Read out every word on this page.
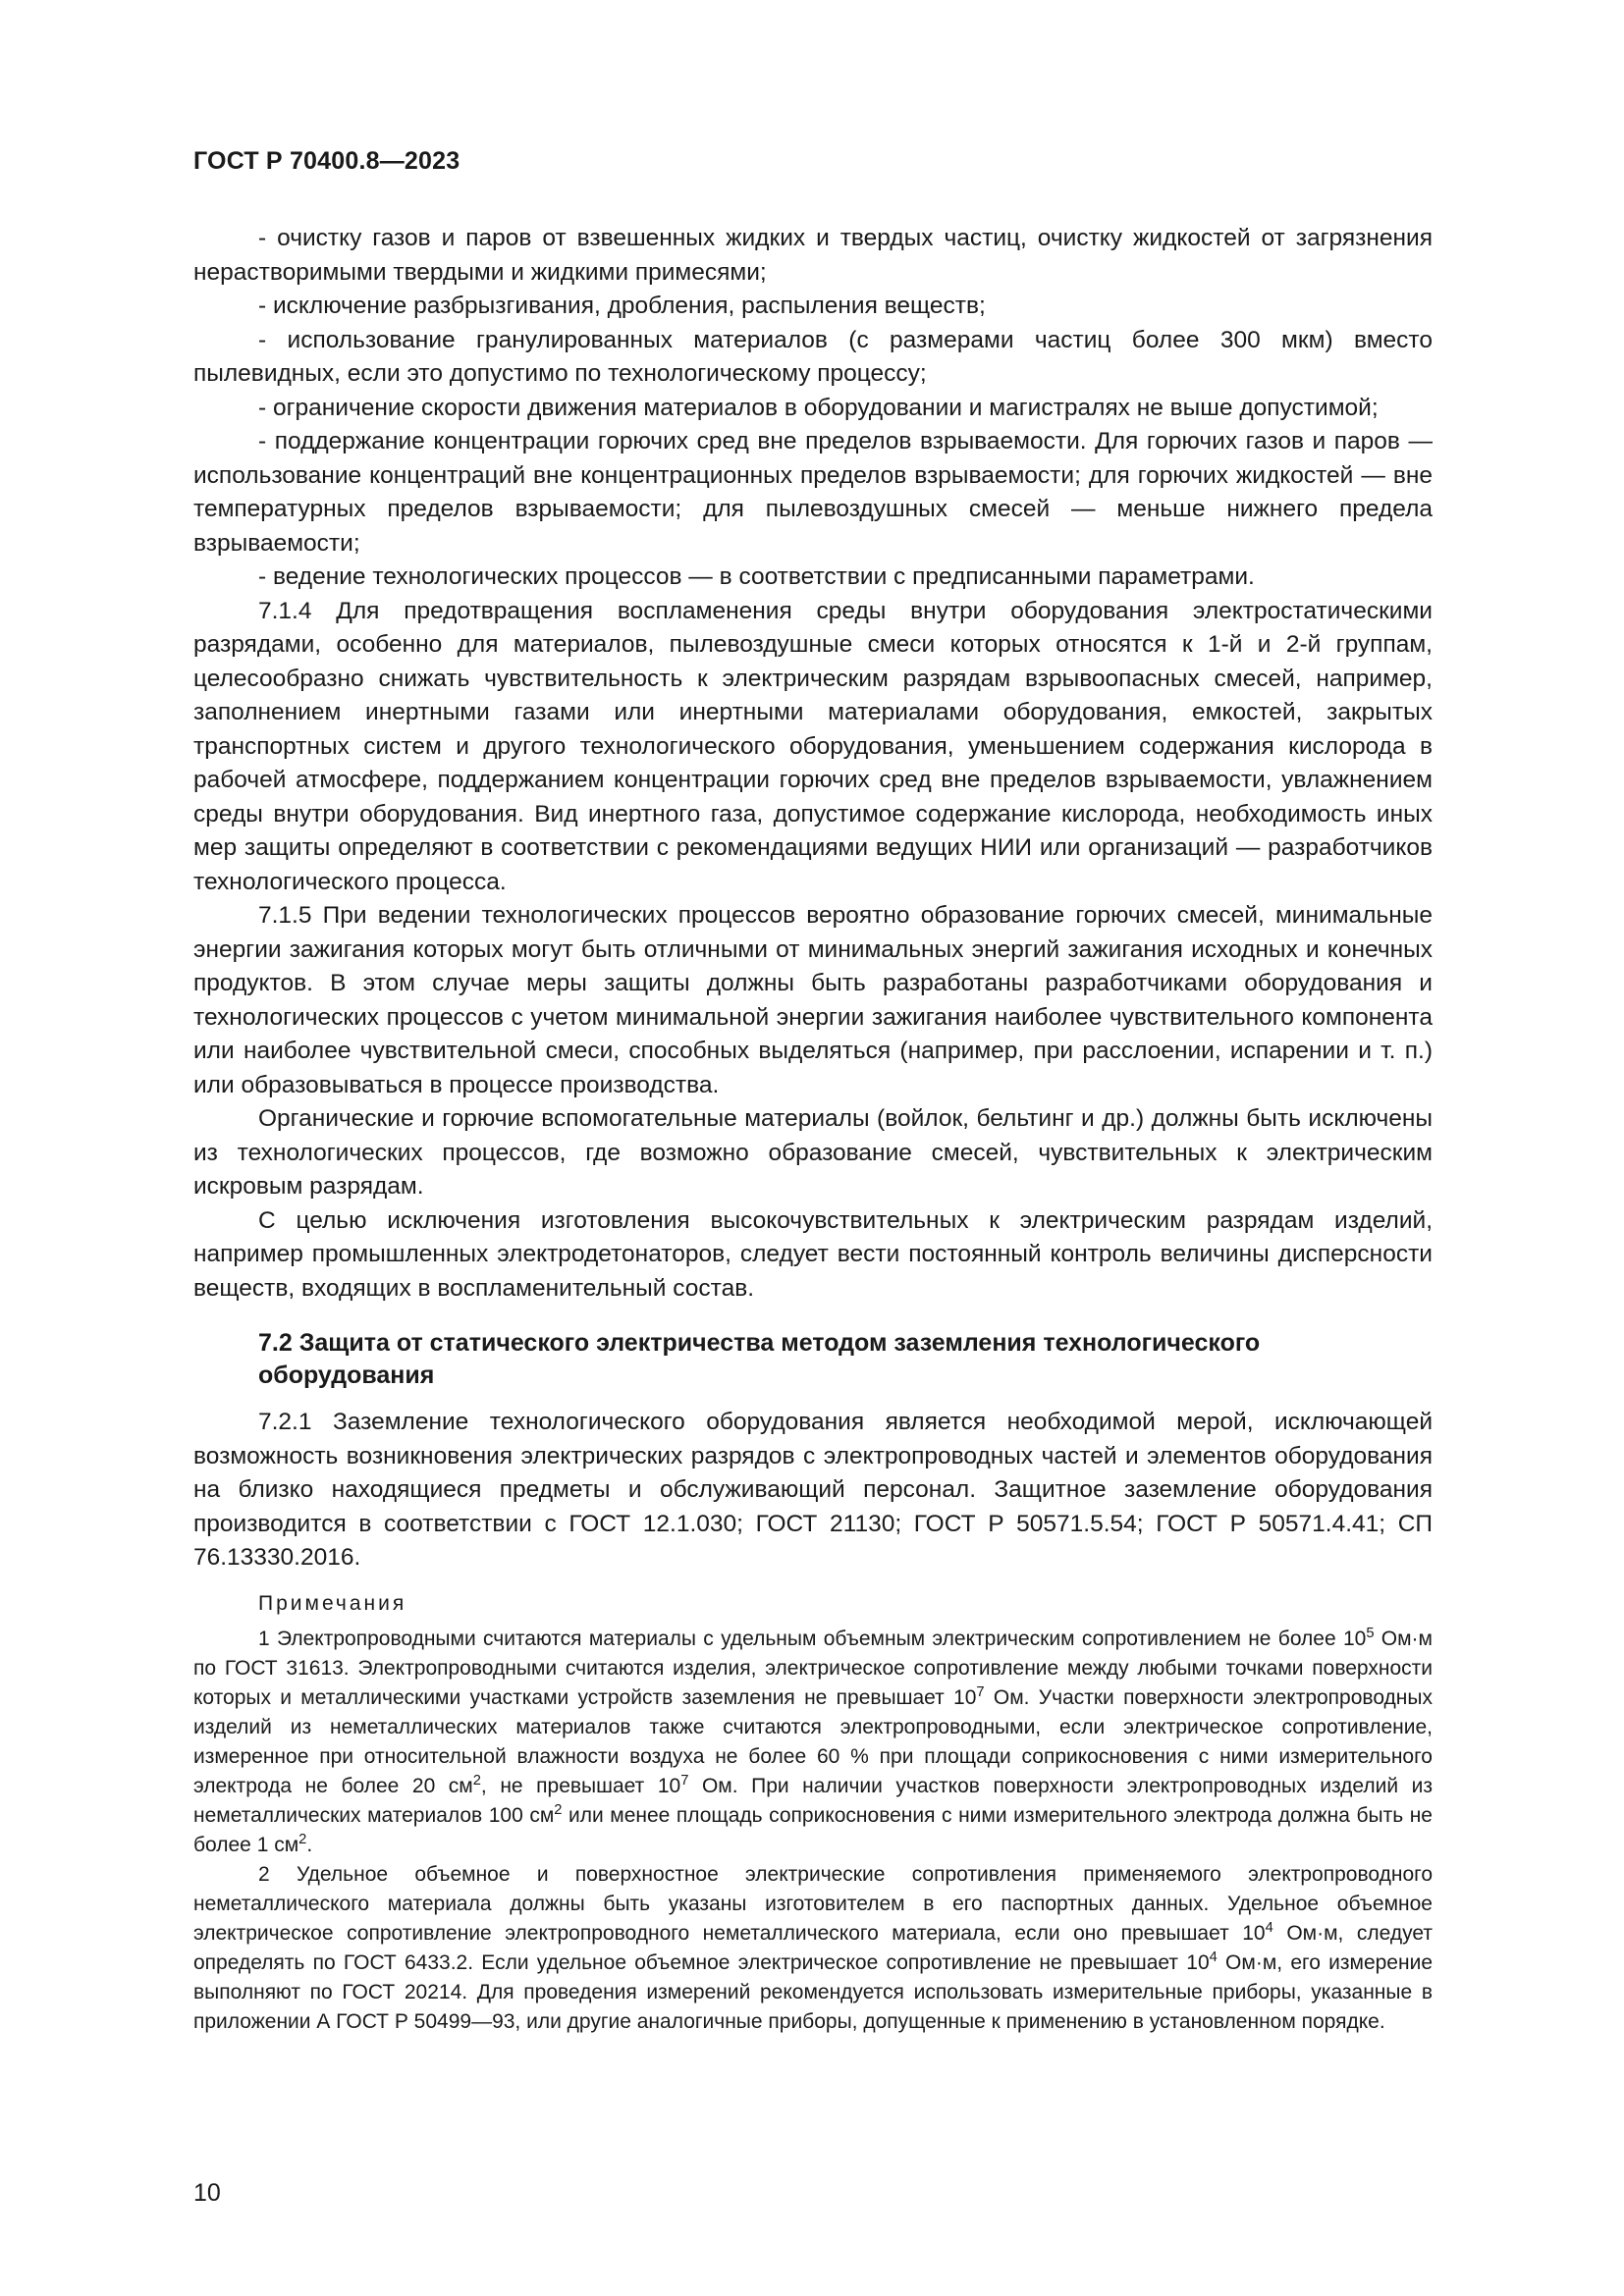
ГОСТ Р 70400.8—2023

- очистку газов и паров от взвешенных жидких и твердых частиц, очистку жидкостей от загрязнения нерастворимыми твердыми и жидкими примесями;

- исключение разбрызгивания, дробления, распыления веществ;

- использование гранулированных материалов (с размерами частиц более 300 мкм) вместо пылевидных, если это допустимо по технологическому процессу;

- ограничение скорости движения материалов в оборудовании и магистралях не выше допустимой;

- поддержание концентрации горючих сред вне пределов взрываемости. Для горючих газов и паров — использование концентраций вне концентрационных пределов взрываемости; для горючих жидкостей — вне температурных пределов взрываемости; для пылевоздушных смесей — меньше нижнего предела взрываемости;

- ведение технологических процессов — в соответствии с предписанными параметрами.

7.1.4 Для предотвращения воспламенения среды внутри оборудования электростатическими разрядами, особенно для материалов, пылевоздушные смеси которых относятся к 1-й и 2-й группам, целесообразно снижать чувствительность к электрическим разрядам взрывоопасных смесей, например, заполнением инертными газами или инертными материалами оборудования, емкостей, закрытых транспортных систем и другого технологического оборудования, уменьшением содержания кислорода в рабочей атмосфере, поддержанием концентрации горючих сред вне пределов взрываемости, увлажнением среды внутри оборудования. Вид инертного газа, допустимое содержание кислорода, необходимость иных мер защиты определяют в соответствии с рекомендациями ведущих НИИ или организаций — разработчиков технологического процесса.

7.1.5 При ведении технологических процессов вероятно образование горючих смесей, минимальные энергии зажигания которых могут быть отличными от минимальных энергий зажигания исходных и конечных продуктов. В этом случае меры защиты должны быть разработаны разработчиками оборудования и технологических процессов с учетом минимальной энергии зажигания наиболее чувствительного компонента или наиболее чувствительной смеси, способных выделяться (например, при расслоении, испарении и т. п.) или образовываться в процессе производства.

Органические и горючие вспомогательные материалы (войлок, бельтинг и др.) должны быть исключены из технологических процессов, где возможно образование смесей, чувствительных к электрическим искровым разрядам.

С целью исключения изготовления высокочувствительных к электрическим разрядам изделий, например промышленных электродетонаторов, следует вести постоянный контроль величины дисперсности веществ, входящих в воспламенительный состав.

7.2 Защита от статического электричества методом заземления технологического оборудования

7.2.1 Заземление технологического оборудования является необходимой мерой, исключающей возможность возникновения электрических разрядов с электропроводных частей и элементов оборудования на близко находящиеся предметы и обслуживающий персонал. Защитное заземление оборудования производится в соответствии с ГОСТ 12.1.030; ГОСТ 21130; ГОСТ Р 50571.5.54; ГОСТ Р 50571.4.41; СП 76.13330.2016.

Примечания

1 Электропроводными считаются материалы с удельным объемным электрическим сопротивлением не более $10^5$ Ом·м по ГОСТ 31613. Электропроводными считаются изделия, электрическое сопротивление между любыми точками поверхности которых и металлическими участками устройств заземления не превышает $10^7$ Ом. Участки поверхности электропроводных изделий из неметаллических материалов также считаются электропроводными, если электрическое сопротивление, измеренное при относительной влажности воздуха не более 60 % при площади соприкосновения с ними измерительного электрода не более 20 $см^2$, не превышает $10^7$ Ом. При наличии участков поверхности электропроводных изделий из неметаллических материалов 100 $см^2$ или менее площадь соприкосновения с ними измерительного электрода должна быть не более 1 $см^2$.

2 Удельное объемное и поверхностное электрические сопротивления применяемого электропроводного неметаллического материала должны быть указаны изготовителем в его паспортных данных. Удельное объемное электрическое сопротивление электропроводного неметаллического материала, если оно превышает $10^4$ Ом·м, следует определять по ГОСТ 6433.2. Если удельное объемное электрическое сопротивление не превышает $10^4$ Ом·м, его измерение выполняют по ГОСТ 20214. Для проведения измерений рекомендуется использовать измерительные приборы, указанные в приложении А ГОСТ Р 50499—93, или другие аналогичные приборы, допущенные к применению в установленном порядке.

10
